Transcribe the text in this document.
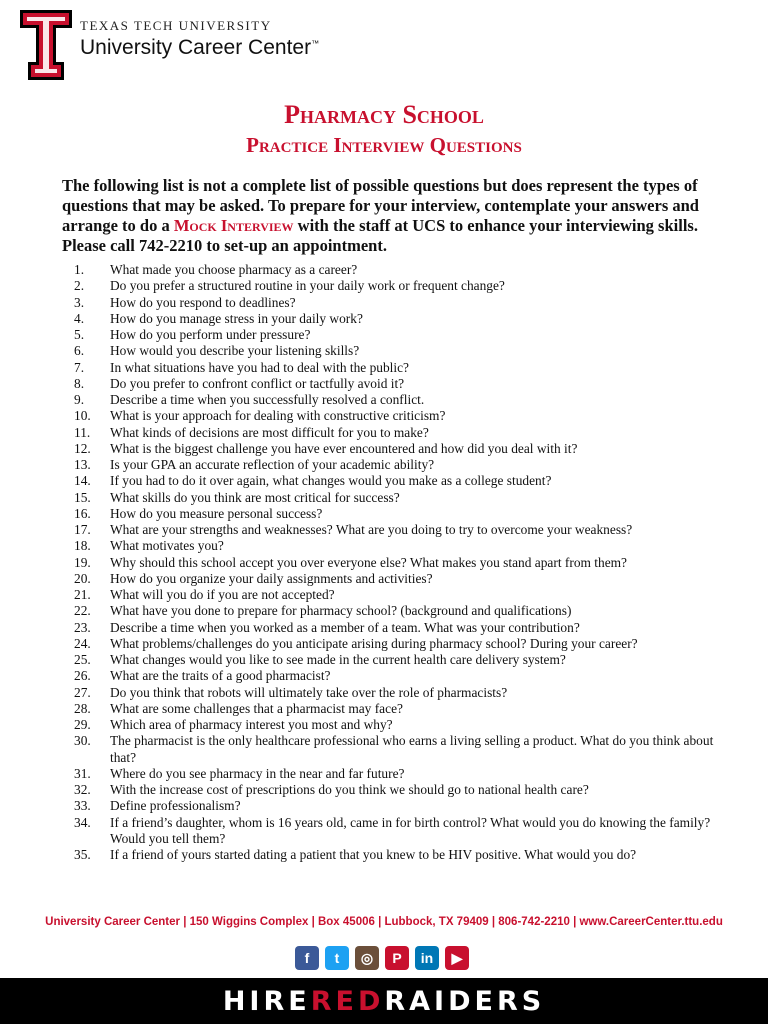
TEXAS TECH UNIVERSITY
University Career Center™
Pharmacy School
Practice Interview Questions
The following list is not a complete list of possible questions but does represent the types of questions that may be asked. To prepare for your interview, contemplate your answers and arrange to do a Mock Interview with the staff at UCS to enhance your interviewing skills. Please call 742-2210 to set-up an appointment.
1.	What made you choose pharmacy as a career?
2.	Do you prefer a structured routine in your daily work or frequent change?
3.	How do you respond to deadlines?
4.	How do you manage stress in your daily work?
5.	How do you perform under pressure?
6.	How would you describe your listening skills?
7.	In what situations have you had to deal with the public?
8.	Do you prefer to confront conflict or tactfully avoid it?
9.	Describe a time when you successfully resolved a conflict.
10.	What is your approach for dealing with constructive criticism?
11.	What kinds of decisions are most difficult for you to make?
12.	What is the biggest challenge you have ever encountered and how did you deal with it?
13.	Is your GPA an accurate reflection of your academic ability?
14.	If you had to do it over again, what changes would you make as a college student?
15.	What skills do you think are most critical for success?
16.	How do you measure personal success?
17.	What are your strengths and weaknesses? What are you doing to try to overcome your weakness?
18.	What motivates you?
19.	Why should this school accept you over everyone else? What makes you stand apart from them?
20.	How do you organize your daily assignments and activities?
21.	What will you do if you are not accepted?
22.	What have you done to prepare for pharmacy school? (background and qualifications)
23.	Describe a time when you worked as a member of a team. What was your contribution?
24.	What problems/challenges do you anticipate arising during pharmacy school? During your career?
25.	What changes would you like to see made in the current health care delivery system?
26.	What are the traits of a good pharmacist?
27.	Do you think that robots will ultimately take over the role of pharmacists?
28.	What are some challenges that a pharmacist may face?
29.	Which area of pharmacy interest you most and why?
30.	The pharmacist is the only healthcare professional who earns a living selling a product. What do you think about that?
31.	Where do you see pharmacy in the near and far future?
32.	With the increase cost of prescriptions do you think we should go to national health care?
33.	Define professionalism?
34.	If a friend’s daughter, whom is 16 years old, came in for birth control? What would you do knowing the family? Would you tell them?
35.	If a friend of yours started dating a patient that you knew to be HIV positive. What would you do?
University Career Center | 150 Wiggins Complex | Box 45006 | Lubbock, TX 79409 | 806-742-2210 | www.CareerCenter.ttu.edu
f	t	◎	P	in	▶
HIREREDRAIDERS
